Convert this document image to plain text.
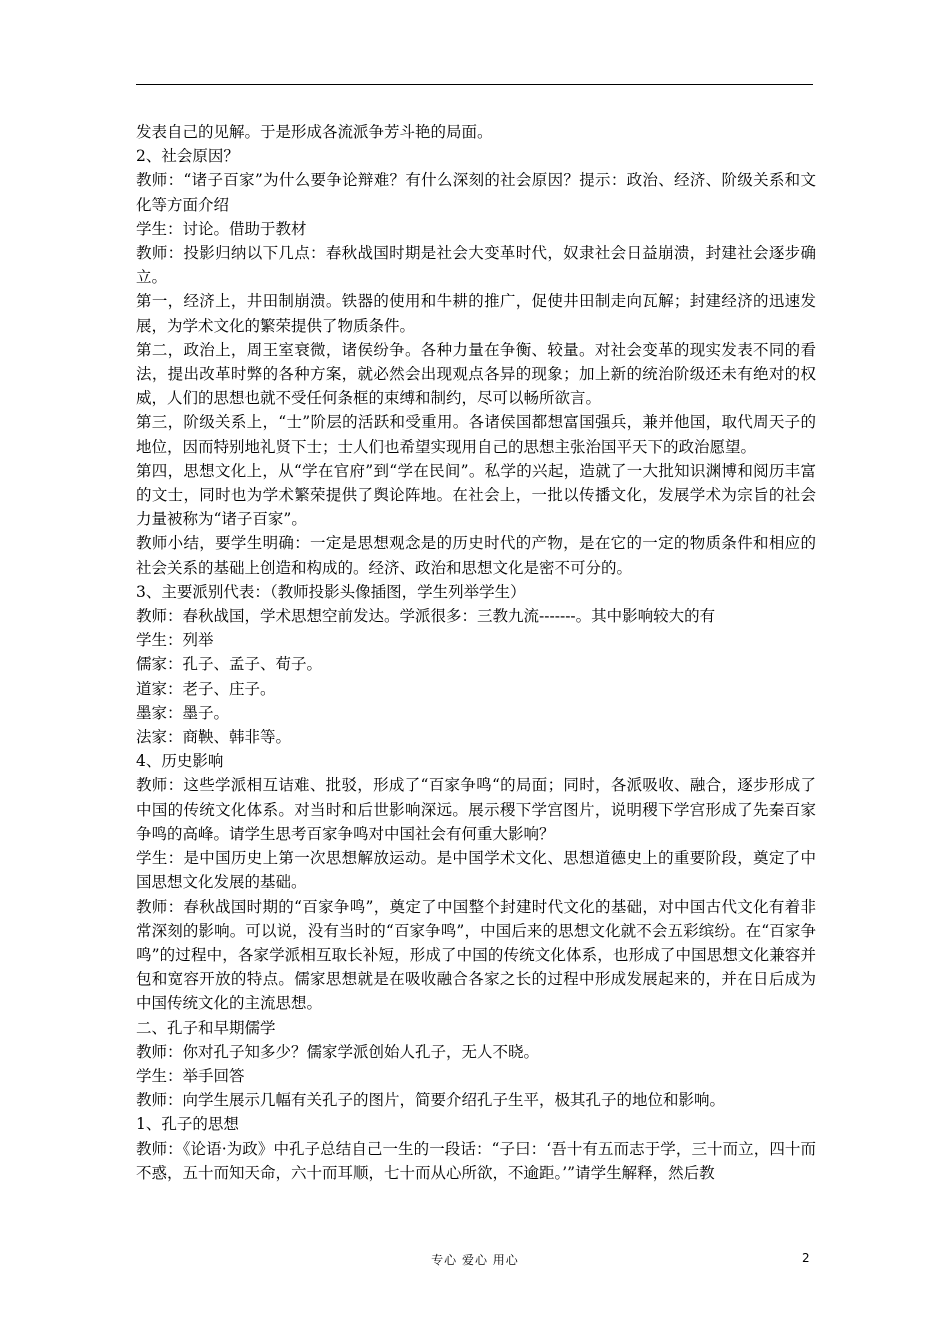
发表自己的见解。于是形成各流派争芳斗艳的局面。

2、社会原因？

教师：“诸子百家”为什么要争论辩难？有什么深刻的社会原因？提示：政治、经济、阶级关系和文化等方面介绍

学生：讨论。借助于教材

教师：投影归纳以下几点：春秋战国时期是社会大变革时代，奴隶社会日益崩溃，封建社会逐步确立。

第一，经济上，井田制崩溃。铁器的使用和牛耕的推广，促使井田制走向瓦解；封建经济的迅速发展，为学术文化的繁荣提供了物质条件。

第二，政治上，周王室衰微，诸侯纷争。各种力量在争衡、较量。对社会变革的现实发表不同的看法，提出改革时弊的各种方案，就必然会出现观点各异的现象；加上新的统治阶级还未有绝对的权威，人们的思想也就不受任何条框的束缚和制约，尽可以畅所欲言。

第三，阶级关系上，“士”阶层的活跃和受重用。各诸侯国都想富国强兵，兼并他国，取代周天子的地位，因而特别地礼贤下士；士人们也希望实现用自己的思想主张治国平天下的政治愿望。

第四，思想文化上，从“学在官府”到“学在民间”。私学的兴起，造就了一大批知识渊博和阅历丰富的文士，同时也为学术繁荣提供了舆论阵地。在社会上，一批以传播文化，发展学术为宗旨的社会力量被称为“诸子百家”。

教师小结，要学生明确：一定是思想观念是的历史时代的产物，是在它的一定的物质条件和相应的社会关系的基础上创造和构成的。经济、政治和思想文化是密不可分的。

3、主要派别代表：（教师投影头像插图，学生列举学生）

教师：春秋战国，学术思想空前发达。学派很多：三教九流-------。其中影响较大的有

学生：列举

儒家：孔子、孟子、荀子。

道家：老子、庄子。

墨家：墨子。

法家：商鞅、韩非等。

4、历史影响

教师：这些学派相互诘难、批驳，形成了“百家争鸣“的局面；同时，各派吸收、融合，逐步形成了中国的传统文化体系。对当时和后世影响深远。展示稷下学宫图片，说明稷下学宫形成了先秦百家争鸣的高峰。请学生思考百家争鸣对中国社会有何重大影响？

学生：是中国历史上第一次思想解放运动。是中国学术文化、思想道德史上的重要阶段，奠定了中国思想文化发展的基础。

教师：春秋战国时期的“百家争鸣”，奠定了中国整个封建时代文化的基础，对中国古代文化有着非常深刻的影响。可以说，没有当时的“百家争鸣”，中国后来的思想文化就不会五彩缤纷。在“百家争鸣”的过程中，各家学派相互取长补短，形成了中国的传统文化体系，也形成了中国思想文化兼容并包和宽容开放的特点。儒家思想就是在吸收融合各家之长的过程中形成发展起来的，并在日后成为中国传统文化的主流思想。

二、孔子和早期儒学

教师：你对孔子知多少？儒家学派创始人孔子，无人不晓。

学生：举手回答

教师：向学生展示几幅有关孔子的图片，简要介绍孔子生平，极其孔子的地位和影响。

1、孔子的思想

教师：《论语·为政》中孔子总结自己一生的一段话：“子曰：‘吾十有五而志于学，三十而立，四十而不惑，五十而知天命，六十而耳顺，七十而从心所欲，不逾距。’”请学生解释，然后教

专心 爱心 用心	2
